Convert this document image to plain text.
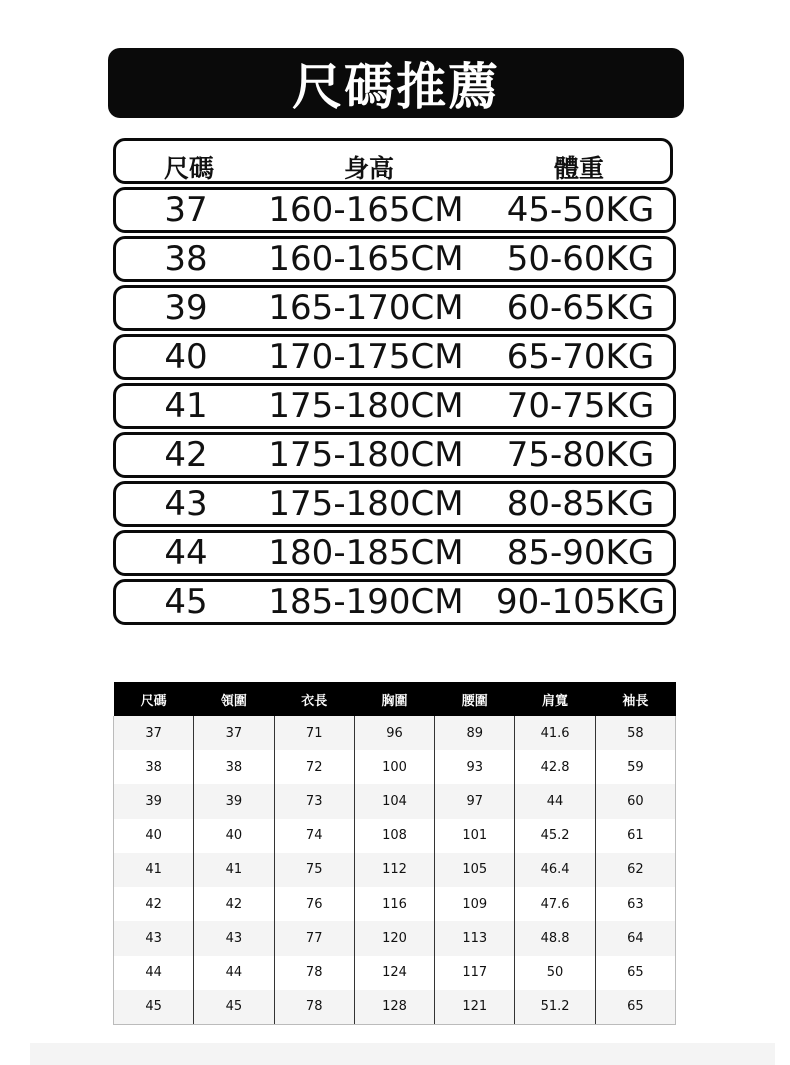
尺碼推薦
尺碼	身高	體重
37 160-165CM	45-50KG
38 160-165CM	50-60KG
39 165-170CM	60-65KG
40 170-175CM	65-70KG
41 175-180CM	70-75KG
42 175-180CM	75-80KG
43 175-180CM	80-85KG
44 180-185CM	85-90KG
45 185-190CM 90-105KG
尺碼	領圍	衣長	胸圍	腰圍	肩寬	袖長
37	37	71	96	89	41.6	58
38	38	72	100	93	42.8	59
39	39	73	104	97	44	60
40	40	74	108	101	45.2	61
41	41	75	112	105	46.4	62
42	42	76	116	109	47.6	63
43	43	77	120	113	48.8	64
44	44	78	124	117	50	65
45	45	78	128	121	51.2	65
